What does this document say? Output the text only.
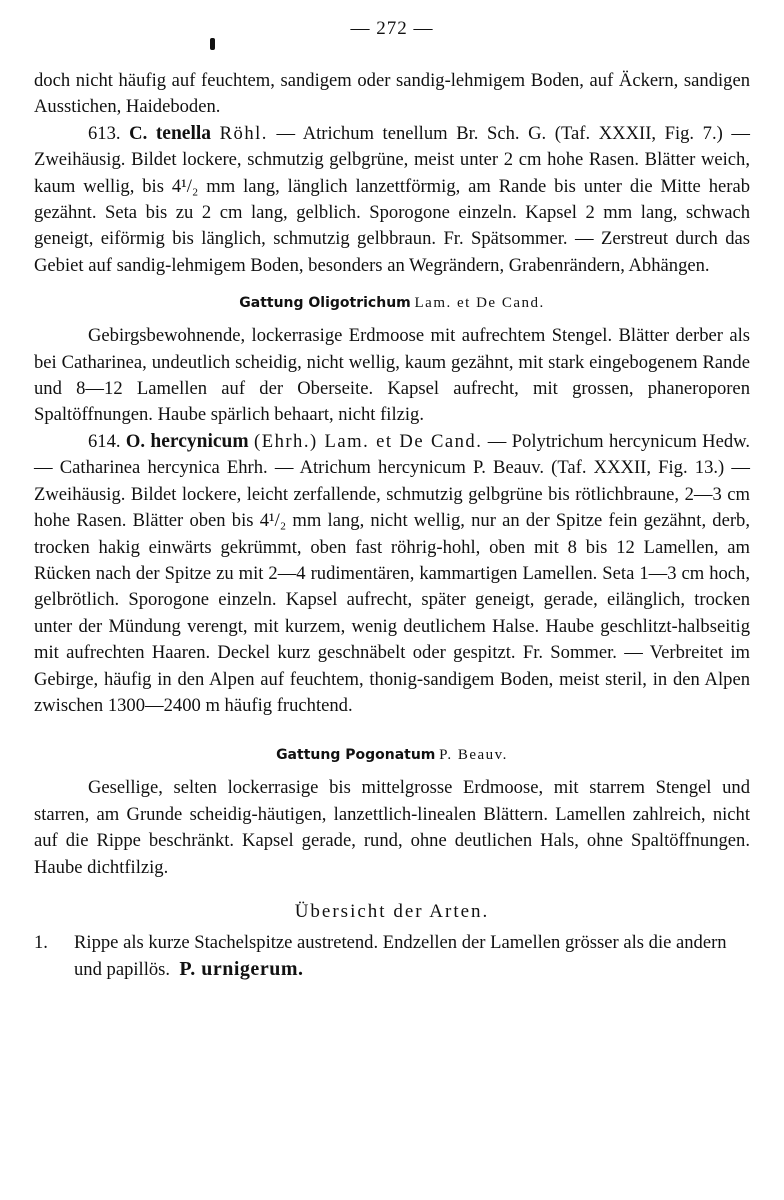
— 272 —

doch nicht häufig auf feuchtem, sandigem oder sandig-lehmigem Boden, auf Äckern, sandigen Ausstichen, Haideboden.

613. C. tenella Röhl. — Atrichum tenellum Br. Sch. G. (Taf. XXXII, Fig. 7.) — Zweihäusig. Bildet lockere, schmutzig gelbgrüne, meist unter 2 cm hohe Rasen. Blätter weich, kaum wellig, bis 4¹/₂ mm lang, länglich lanzettförmig, am Rande bis unter die Mitte herab gezähnt. Seta bis zu 2 cm lang, gelblich. Sporogone einzeln. Kapsel 2 mm lang, schwach geneigt, eiförmig bis länglich, schmutzig gelbbraun. Fr. Spätsommer. — Zerstreut durch das Gebiet auf sandig-lehmigem Boden, besonders an Wegrändern, Grabenrändern, Abhängen.

Gattung Oligotrichum Lam. et De Cand.

Gebirgsbewohnende, lockerrasige Erdmoose mit aufrechtem Stengel. Blätter derber als bei Catharinea, undeutlich scheidig, nicht wellig, kaum gezähnt, mit stark eingebogenem Rande und 8—12 Lamellen auf der Oberseite. Kapsel aufrecht, mit grossen, phaneroporen Spaltöffnungen. Haube spärlich behaart, nicht filzig.

614. O. hercynicum (Ehrh.) Lam. et De Cand. — Polytrichum hercynicum Hedw. — Catharinea hercynica Ehrh. — Atrichum hercynicum P. Beauv. (Taf. XXXII, Fig. 13.) — Zweihäusig. Bildet lockere, leicht zerfallende, schmutzig gelbgrüne bis rötlichbraune, 2—3 cm hohe Rasen. Blätter oben bis 4¹/₂ mm lang, nicht wellig, nur an der Spitze fein gezähnt, derb, trocken hakig einwärts gekrümmt, oben fast röhrig-hohl, oben mit 8 bis 12 Lamellen, am Rücken nach der Spitze zu mit 2—4 rudimentären, kammartigen Lamellen. Seta 1—3 cm hoch, gelbrötlich. Sporogone einzeln. Kapsel aufrecht, später geneigt, gerade, eilänglich, trocken unter der Mündung verengt, mit kurzem, wenig deutlichem Halse. Haube geschlitzt-halbseitig mit aufrechten Haaren. Deckel kurz geschnäbelt oder gespitzt. Fr. Sommer. — Verbreitet im Gebirge, häufig in den Alpen auf feuchtem, thonig-sandigem Boden, meist steril, in den Alpen zwischen 1300—2400 m häufig fruchtend.

Gattung Pogonatum P. Beauv.

Gesellige, selten lockerrasige bis mittelgrosse Erdmoose, mit starrem Stengel und starren, am Grunde scheidig-häutigen, lanzettlich-linealen Blättern. Lamellen zahlreich, nicht auf die Rippe beschränkt. Kapsel gerade, rund, ohne deutlichen Hals, ohne Spaltöffnungen. Haube dichtfilzig.

Übersicht der Arten.
1.	Rippe als kurze Stachelspitze austretend. Endzellen der Lamellen grösser als die andern und papillös. P. urnigerum.
